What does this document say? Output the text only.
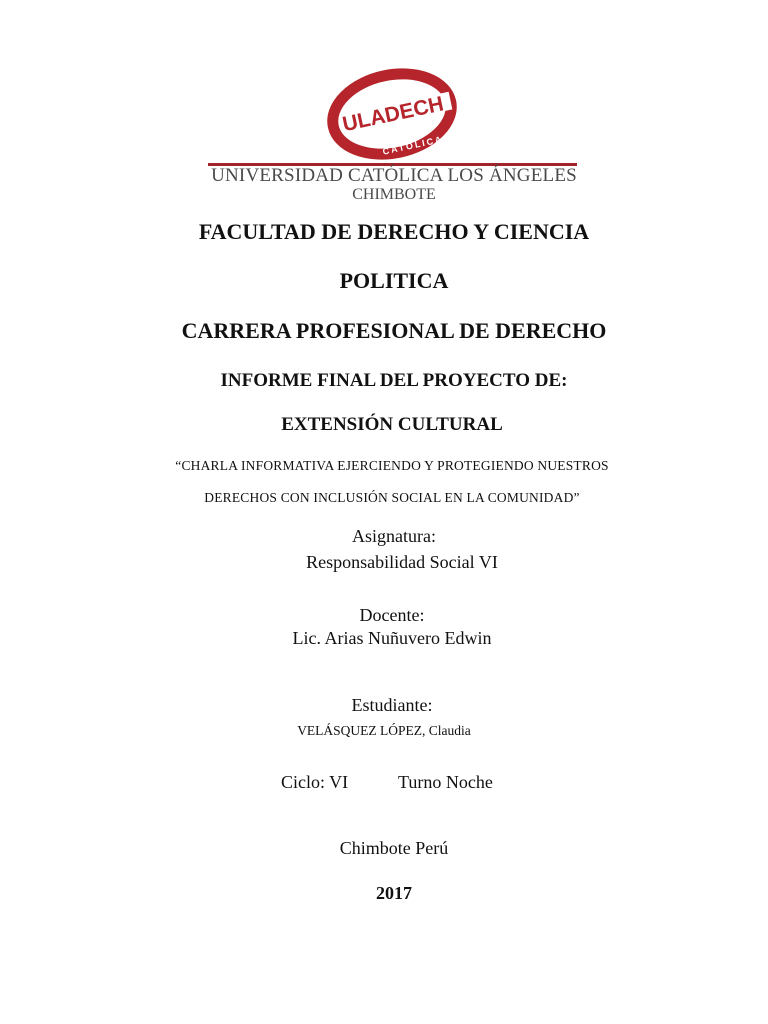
ULADECH
CATÓLICA
UNIVERSIDAD CATÓLICA LOS ÁNGELES
CHIMBOTE
FACULTAD DE DERECHO Y CIENCIA
POLITICA
CARRERA PROFESIONAL DE DERECHO
INFORME FINAL DEL PROYECTO DE:
EXTENSIÓN CULTURAL
“CHARLA INFORMATIVA EJERCIENDO Y PROTEGIENDO NUESTROS
DERECHOS CON INCLUSIÓN SOCIAL EN LA COMUNIDAD”
Asignatura:
Responsabilidad Social VI
Docente:
Lic. Arias Nuñuvero Edwin
Estudiante:
VELÁSQUEZ LÓPEZ, Claudia
Ciclo: VI	Turno Noche
Chimbote Perú
2017
